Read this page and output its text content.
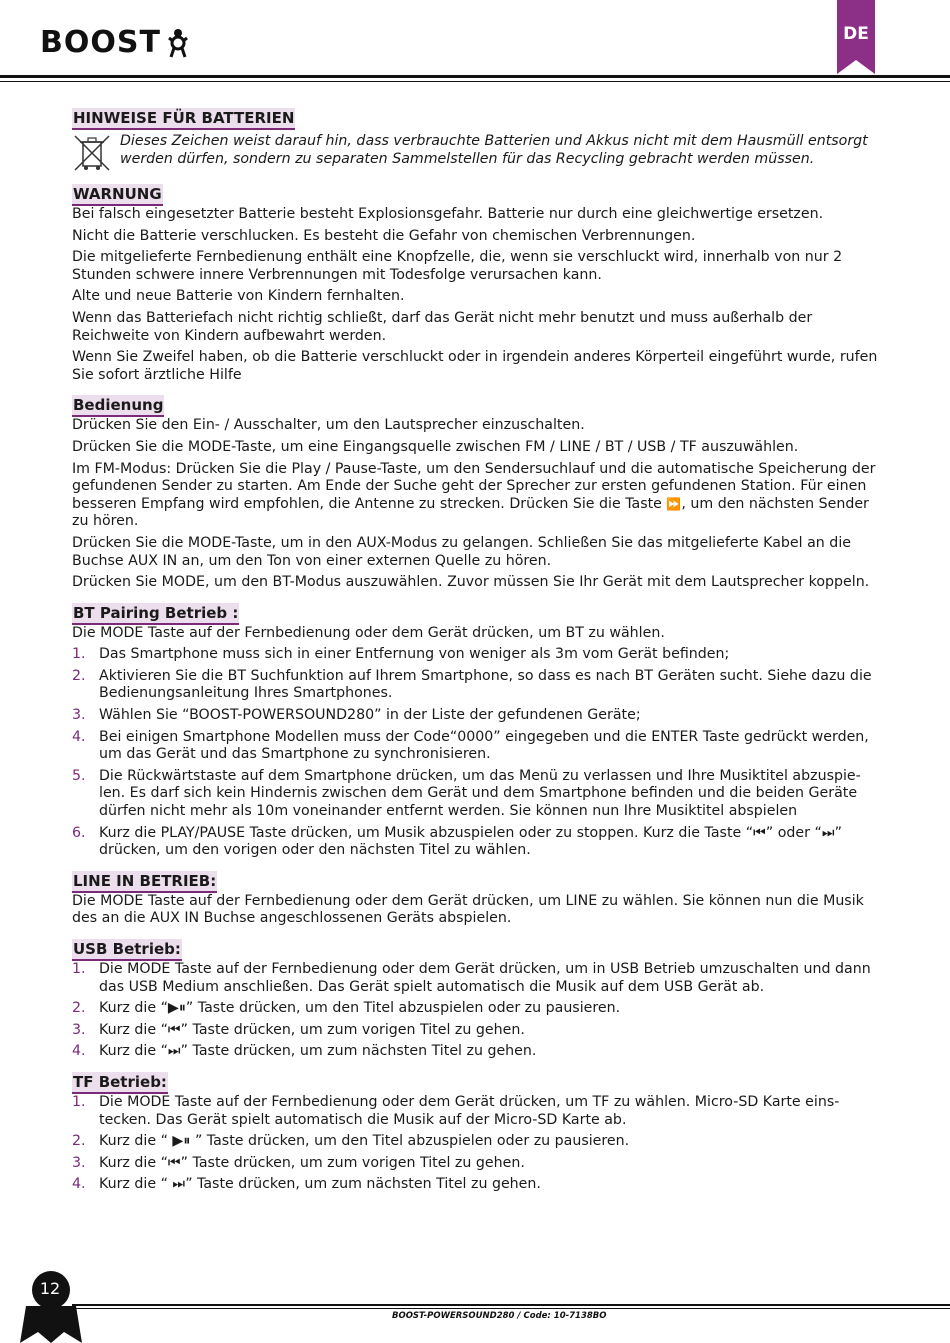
BOOST	DE
HINWEISE FÜR BATTERIEN
Dieses Zeichen weist darauf hin, dass verbrauchte Batterien und Akkus nicht mit dem Hausmüll entsorgt werden dürfen, sondern zu separaten Sammelstellen für das Recycling gebracht werden müssen.
WARNUNG

Bei falsch eingesetzter Batterie besteht Explosionsgefahr. Batterie nur durch eine gleichwertige ersetzen.

Nicht die Batterie verschlucken. Es besteht die Gefahr von chemischen Verbrennungen.

Die mitgelieferte Fernbedienung enthält eine Knopfzelle, die, wenn sie verschluckt wird, innerhalb von nur 2 Stunden schwere innere Verbrennungen mit Todesfolge verursachen kann.

Alte und neue Batterie von Kindern fernhalten.

Wenn das Batteriefach nicht richtig schließt, darf das Gerät nicht mehr benutzt und muss außerhalb der Reichweite von Kindern aufbewahrt werden.

Wenn Sie Zweifel haben, ob die Batterie verschluckt oder in irgendein anderes Körperteil eingeführt wurde, rufen Sie sofort ärztliche Hilfe

Bedienung

Drücken Sie den Ein- / Ausschalter, um den Lautsprecher einzuschalten.

Drücken Sie die MODE-Taste, um eine Eingangsquelle zwischen FM / LINE / BT / USB / TF auszuwählen.

Im FM-Modus: Drücken Sie die Play / Pause-Taste, um den Sendersuchlauf und die automatische Speicherung der gefundenen Sender zu starten. Am Ende der Suche geht der Sprecher zur ersten gefundenen Station. Für einen besseren Empfang wird empfohlen, die Antenne zu strecken. Drücken Sie die Taste ⏩, um den nächsten Sender zu hören.

Drücken Sie die MODE-Taste, um in den AUX-Modus zu gelangen. Schließen Sie das mitgelieferte Kabel an die Buchse AUX IN an, um den Ton von einer externen Quelle zu hören.

Drücken Sie MODE, um den BT-Modus auszuwählen. Zuvor müssen Sie Ihr Gerät mit dem Lautsprecher koppeln.

BT Pairing Betrieb :

Die MODE Taste auf der Fernbedienung oder dem Gerät drücken, um BT zu wählen.

1. Das Smartphone muss sich in einer Entfernung von weniger als 3m vom Gerät befinden;
2. Aktivieren Sie die BT Suchfunktion auf Ihrem Smartphone, so dass es nach BT Geräten sucht. Siehe dazu die Bedienungsanleitung Ihres Smartphones.
3. Wählen Sie “BOOST-POWERSOUND280” in der Liste der gefundenen Geräte;
4. Bei einigen Smartphone Modellen muss der Code“0000” eingegeben und die ENTER Taste gedrückt werden, um das Gerät und das Smartphone zu synchronisieren.
5. Die Rückwärtstaste auf dem Smartphone drücken, um das Menü zu verlassen und Ihre Musiktitel abzuspie-len. Es darf sich kein Hindernis zwischen dem Gerät und dem Smartphone befinden und die beiden Geräte dürfen nicht mehr als 10m voneinander entfernt werden. Sie können nun Ihre Musiktitel abspielen
6. Kurz die PLAY/PAUSE Taste drücken, um Musik abzuspielen oder zu stoppen. Kurz die Taste “⏮” oder “⏭” drücken, um den vorigen oder den nächsten Titel zu wählen.
LINE IN BETRIEB:

Die MODE Taste auf der Fernbedienung oder dem Gerät drücken, um LINE zu wählen. Sie können nun die Musik des an die AUX IN Buchse angeschlossenen Geräts abspielen.

USB Betrieb:
1. Die MODE Taste auf der Fernbedienung oder dem Gerät drücken, um in USB Betrieb umzuschalten und dann das USB Medium anschließen. Das Gerät spielt automatisch die Musik auf dem USB Gerät ab.
2. Kurz die “▶⏸” Taste drücken, um den Titel abzuspielen oder zu pausieren.
3. Kurz die “⏮” Taste drücken, um zum vorigen Titel zu gehen.
4. Kurz die “⏭” Taste drücken, um zum nächsten Titel zu gehen.
TF Betrieb:
1. Die MODE Taste auf der Fernbedienung oder dem Gerät drücken, um TF zu wählen. Micro-SD Karte eins-tecken. Das Gerät spielt automatisch die Musik auf der Micro-SD Karte ab.
2. Kurz die “ ▶⏸ ” Taste drücken, um den Titel abzuspielen oder zu pausieren.
3. Kurz die “⏮” Taste drücken, um zum vorigen Titel zu gehen.
4. Kurz die “ ⏭” Taste drücken, um zum nächsten Titel zu gehen.
BOOST-POWERSOUND280 / Code: 10-7138BO
12
